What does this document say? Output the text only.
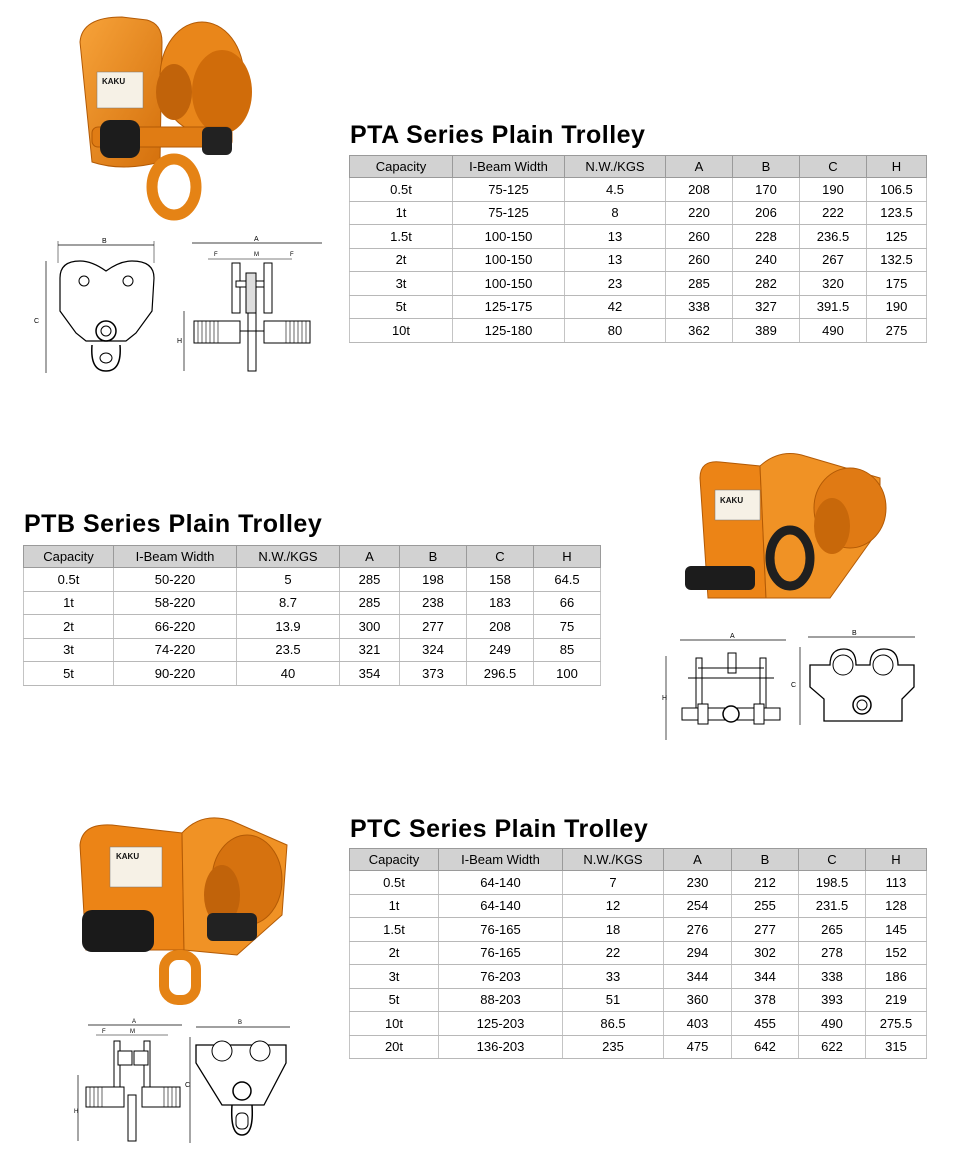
KAKU
B
C
A
F	M	F
H
PTA Series Plain Trolley
Capacity	I-Beam Width	N.W./KGS	A	B	C	H
0.5t	75-125	4.5	208	170	190	106.5
1t	75-125	8	220	206	222	123.5
1.5t	100-150	13	260	228	236.5	125
2t	100-150	13	260	240	267	132.5
3t	100-150	23	285	282	320	175
5t	125-175	42	338	327	391.5	190
10t	125-180	80	362	389	490	275
PTB Series Plain Trolley
Capacity	I-Beam Width	N.W./KGS	A	B	C	H
0.5t	50-220	5	285	198	158	64.5
1t	58-220	8.7	285	238	183	66
2t	66-220	13.9	300	277	208	75
3t	74-220	23.5	321	324	249	85
5t	90-220	40	354	373	296.5	100
KAKU
A
H
B
C
KAKU
A
F	M
H
B
C
PTC Series Plain Trolley
Capacity	I-Beam Width	N.W./KGS	A	B	C	H
0.5t	64-140	7	230	212	198.5	113
1t	64-140	12	254	255	231.5	128
1.5t	76-165	18	276	277	265	145
2t	76-165	22	294	302	278	152
3t	76-203	33	344	344	338	186
5t	88-203	51	360	378	393	219
10t	125-203	86.5	403	455	490	275.5
20t	136-203	235	475	642	622	315
